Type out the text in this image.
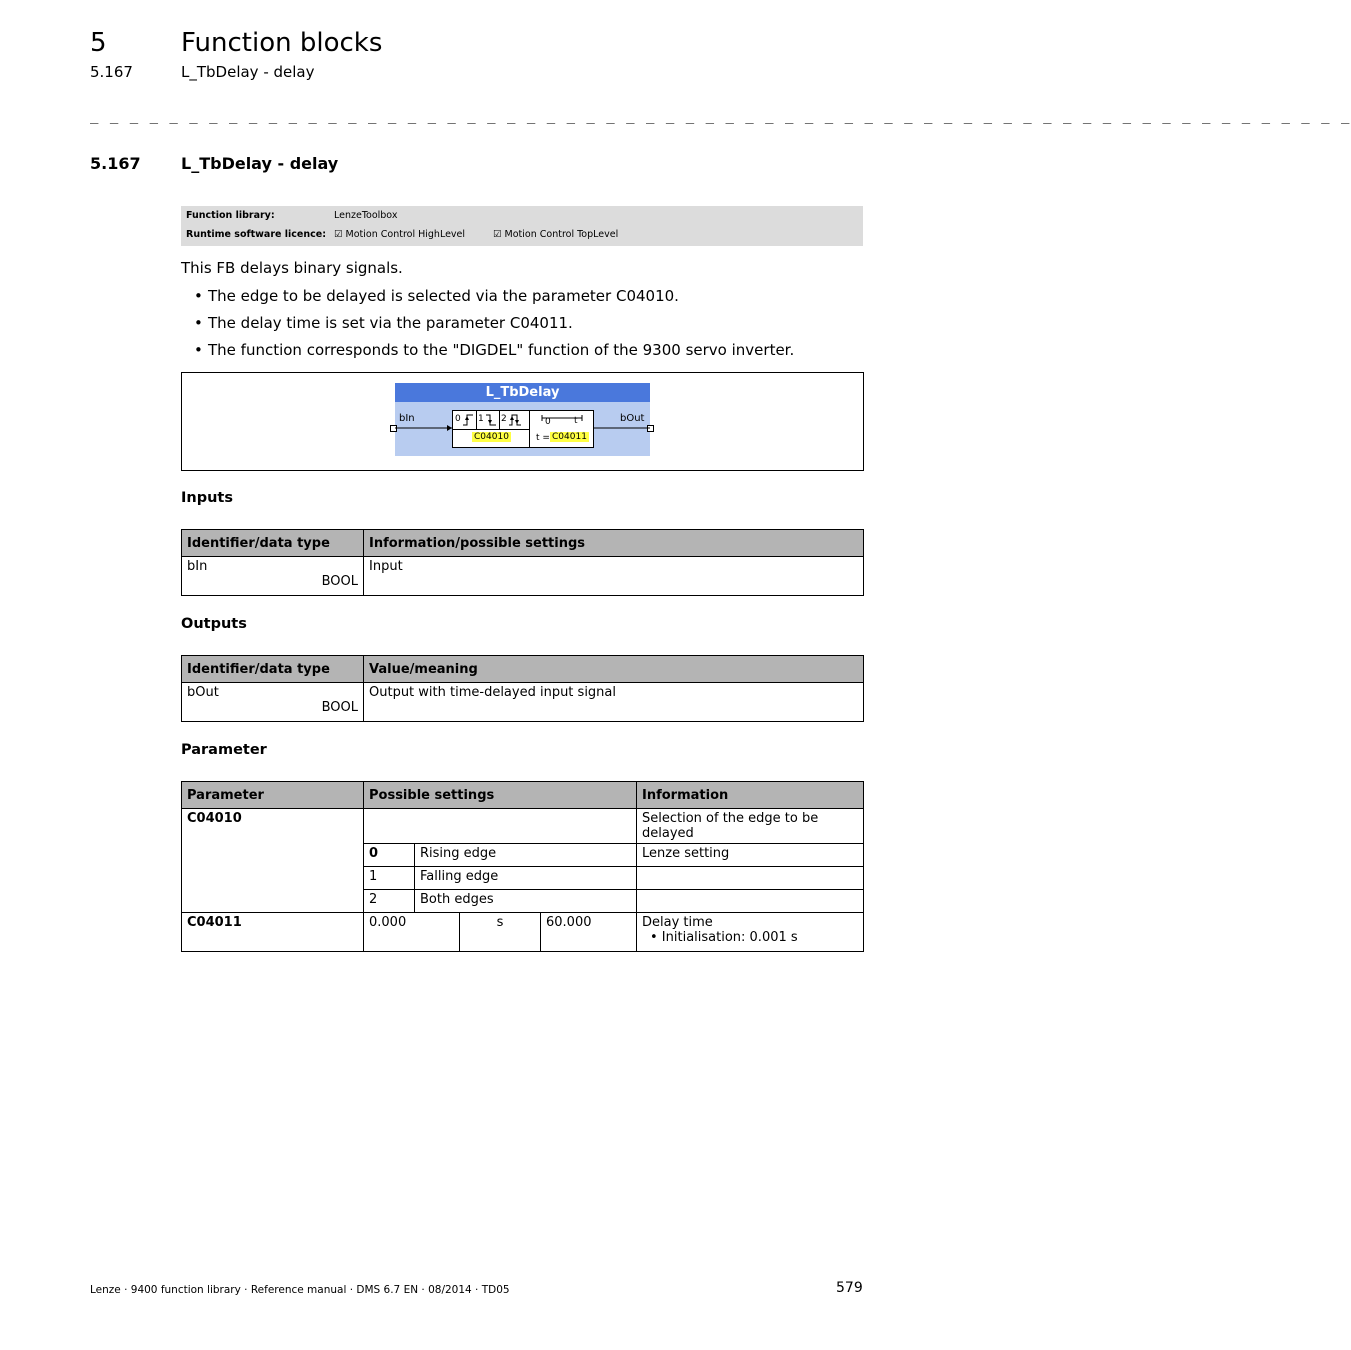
5	Function blocks
5.167	L_TbDelay - delay
_ _ _ _ _ _ _ _ _ _ _ _ _ _ _ _ _ _ _ _ _ _ _ _ _ _ _ _ _ _ _ _ _ _ _ _ _ _ _ _ _ _ _ _ _ _ _ _ _ _ _ _ _ _ _ _ _ _ _ _ _ _ _ _
5.167	L_TbDelay - delay
Function library:	LenzeToolbox
Runtime software licence: ☑ Motion Control HighLevel	☑ Motion Control TopLevel
This FB delays binary signals.
• The edge to be delayed is selected via the parameter C04010.
• The delay time is set via the parameter C04011.
• The function corresponds to the "DIGDEL" function of the 9300 servo inverter.
L_TbDelay
bIn	bOut
0 1 2
C04010
0	t
t = C04011
Inputs
Identifier/data type	Information/possible settings

bIn
BOOL	Input
Outputs
Identifier/data type	Value/meaning

bOut
BOOL	Output with time-delayed input signal
Parameter
Parameter	Possible settings				Information
C04010					Selection of the edge to be delayed
	0	Rising edge			Lenze setting
	1	Falling edge			
	2	Both edges			
C04011	0.000		s	60.000	Delay time
• Initialisation: 0.001 s
Lenze · 9400 function library · Reference manual · DMS 6.7 EN · 08/2014 · TD05	579
